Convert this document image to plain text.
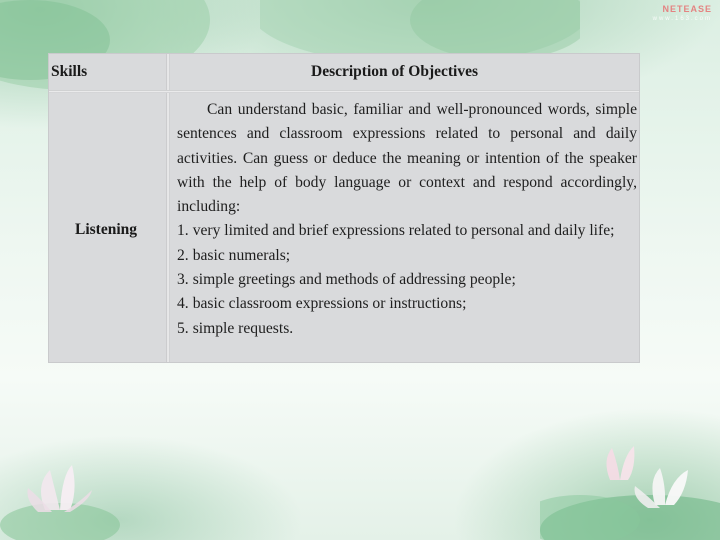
NETEASE
www.163.com
Skills	Description of Objectives
Listening

Can understand basic, familiar and well-pronounced words, simple sentences and classroom expressions related to personal and daily activities. Can guess or deduce the meaning or intention of the speaker with the help of body language or context and respond accordingly, including:

1. very limited and brief expressions related to personal and daily life;
2. basic numerals;
3. simple greetings and methods of addressing people;
4. basic classroom expressions or instructions;
5. simple requests.
